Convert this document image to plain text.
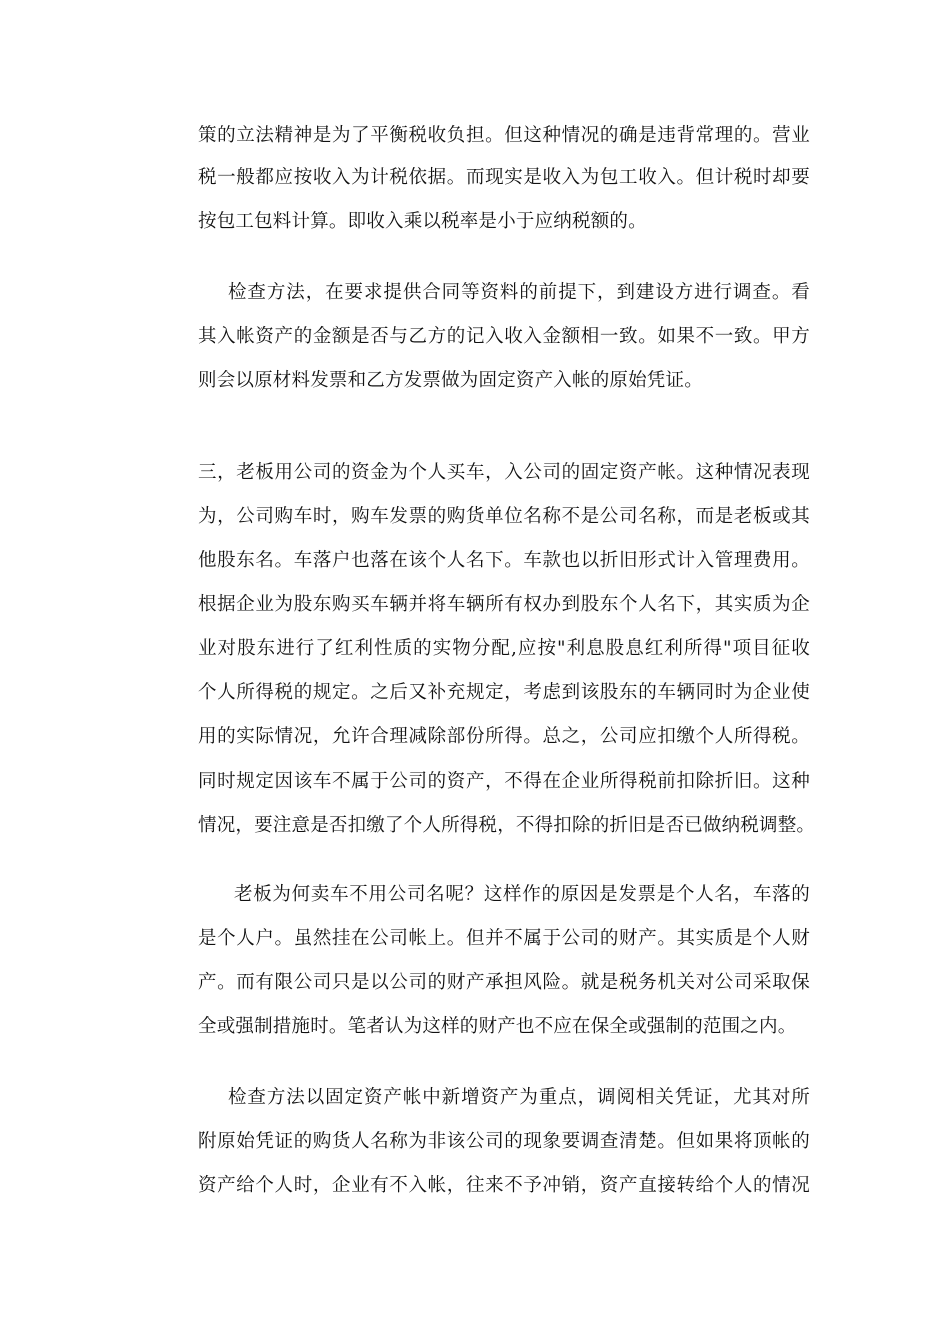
策的立法精神是为了平衡税收负担。但这种情况的确是违背常理的。营业
税一般都应按收入为计税依据。而现实是收入为包工收入。但计税时却要
按包工包料计算。即收入乘以税率是小于应纳税额的。
检查方法，在要求提供合同等资料的前提下，到建设方进行调查。看
其入帐资产的金额是否与乙方的记入收入金额相一致。如果不一致。甲方
则会以原材料发票和乙方发票做为固定资产入帐的原始凭证。
三，老板用公司的资金为个人买车，入公司的固定资产帐。这种情况表现
为，公司购车时，购车发票的购货单位名称不是公司名称，而是老板或其
他股东名。车落户也落在该个人名下。车款也以折旧形式计入管理费用。
根据企业为股东购买车辆并将车辆所有权办到股东个人名下，其实质为企
业对股东进行了红利性质的实物分配,应按"利息股息红利所得"项目征收
个人所得税的规定。之后又补充规定，考虑到该股东的车辆同时为企业使
用的实际情况，允许合理减除部份所得。总之，公司应扣缴个人所得税。
同时规定因该车不属于公司的资产，不得在企业所得税前扣除折旧。这种
情况，要注意是否扣缴了个人所得税，不得扣除的折旧是否已做纳税调整。
老板为何卖车不用公司名呢？这样作的原因是发票是个人名，车落的
是个人户。虽然挂在公司帐上。但并不属于公司的财产。其实质是个人财
产。而有限公司只是以公司的财产承担风险。就是税务机关对公司采取保
全或强制措施时。笔者认为这样的财产也不应在保全或强制的范围之内。
检查方法以固定资产帐中新增资产为重点，调阅相关凭证，尤其对所
附原始凭证的购货人名称为非该公司的现象要调查清楚。但如果将顶帐的
资产给个人时，企业有不入帐，往来不予冲销，资产直接转给个人的情况
